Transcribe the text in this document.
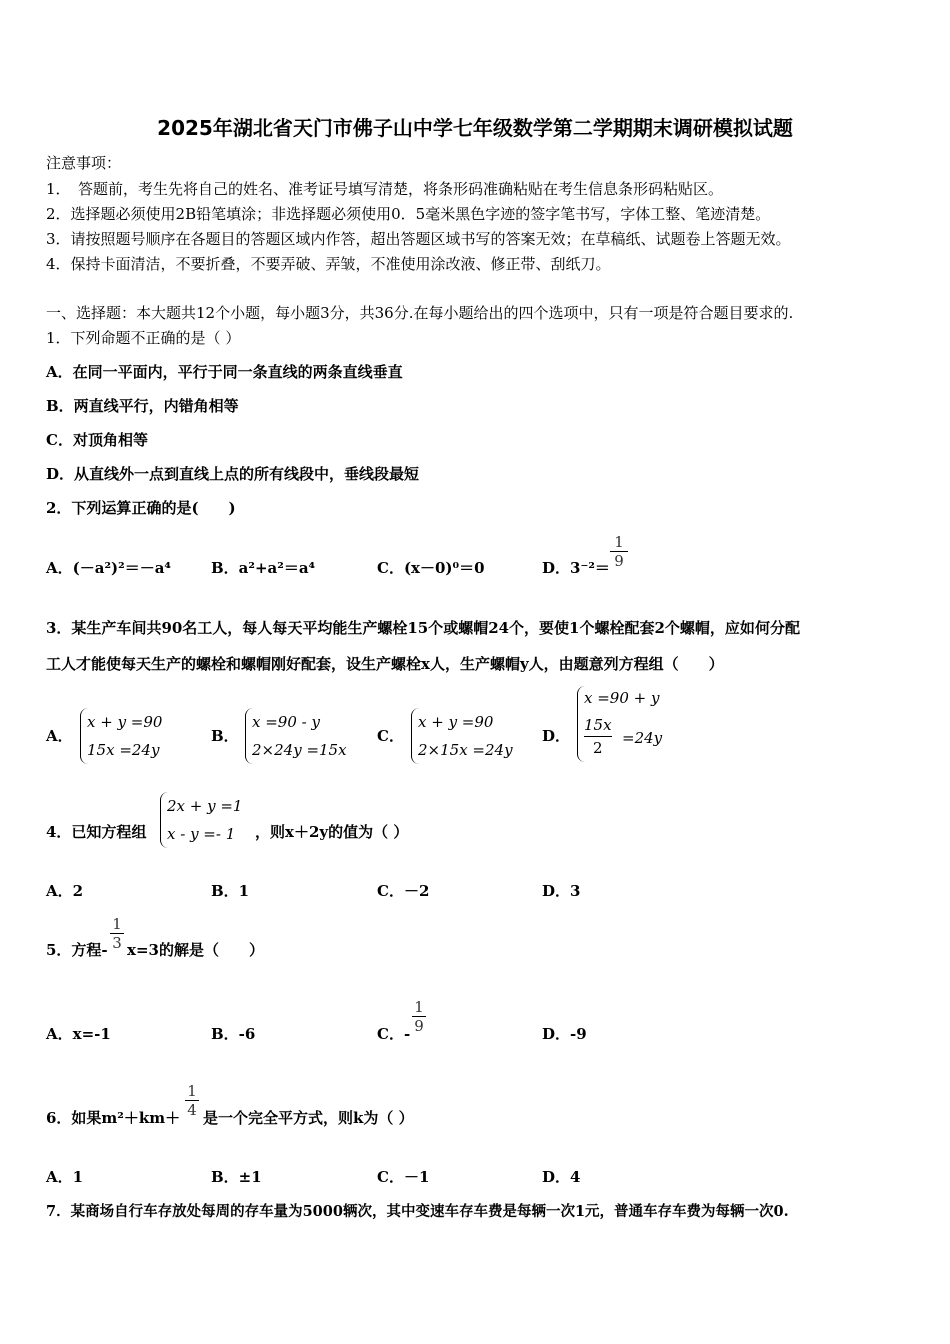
2025年湖北省天门市佛子山中学七年级数学第二学期期末调研模拟试题
注意事项：
1．　答题前，考生先将自己的姓名、准考证号填写清楚，将条形码准确粘贴在考生信息条形码粘贴区。
2．选择题必须使用2B铅笔填涂；非选择题必须使用0．5毫米黑色字迹的签字笔书写，字体工整、笔迹清楚。
3．请按照题号顺序在各题目的答题区域内作答，超出答题区域书写的答案无效；在草稿纸、试题卷上答题无效。
4．保持卡面清洁，不要折叠，不要弄破、弄皱，不准使用涂改液、修正带、刮纸刀。
一、选择题：本大题共12个小题，每小题3分，共36分.在每小题给出的四个选项中，只有一项是符合题目要求的.
1．下列命题不正确的是（ ）
A．在同一平面内，平行于同一条直线的两条直线垂直
B．两直线平行，内错角相等
C．对顶角相等
D．从直线外一点到直线上点的所有线段中，垂线段最短
2．下列运算正确的是(　　)
A．(－a²)²＝－a⁴	B．a²+a²＝a⁴	C．(x－0)⁰＝0	D．$3^{-2}= \frac{1}{9}$
3．某生产车间共90名工人，每人每天平均能生产螺栓15个或螺帽24个，要使1个螺栓配套2个螺帽，应如何分配
工人才能使每天生产的螺栓和螺帽刚好配套，设生产螺栓x人，生产螺帽y人，由题意列方程组（　　）
A．
x + y =90
15x =24y
B．
x =90 - y
2×24y =15x
C．
x + y =90
2×15x =24y
D．
x =90 + y
$\frac{15x}{2} =24y$
4．已知方程组
2x + y =1
x - y =- 1	，则x＋2y的值为（ ）
A．2	B．1	C．－2	D．3
5．方程- $\frac{1}{3} x=3$的解是（　　）
A．x=-1	B．-6	C．- $\frac{1}{9}$	D．-9
6．如果$m^2+km+ \frac{1}{4}$ 是一个完全平方式，则k为（ ）
A．1	B．±1	C．－1	D．4
7．某商场自行车存放处每周的存车量为5000辆次，其中变速车存车费是每辆一次1元，普通车存车费为每辆一次0.
